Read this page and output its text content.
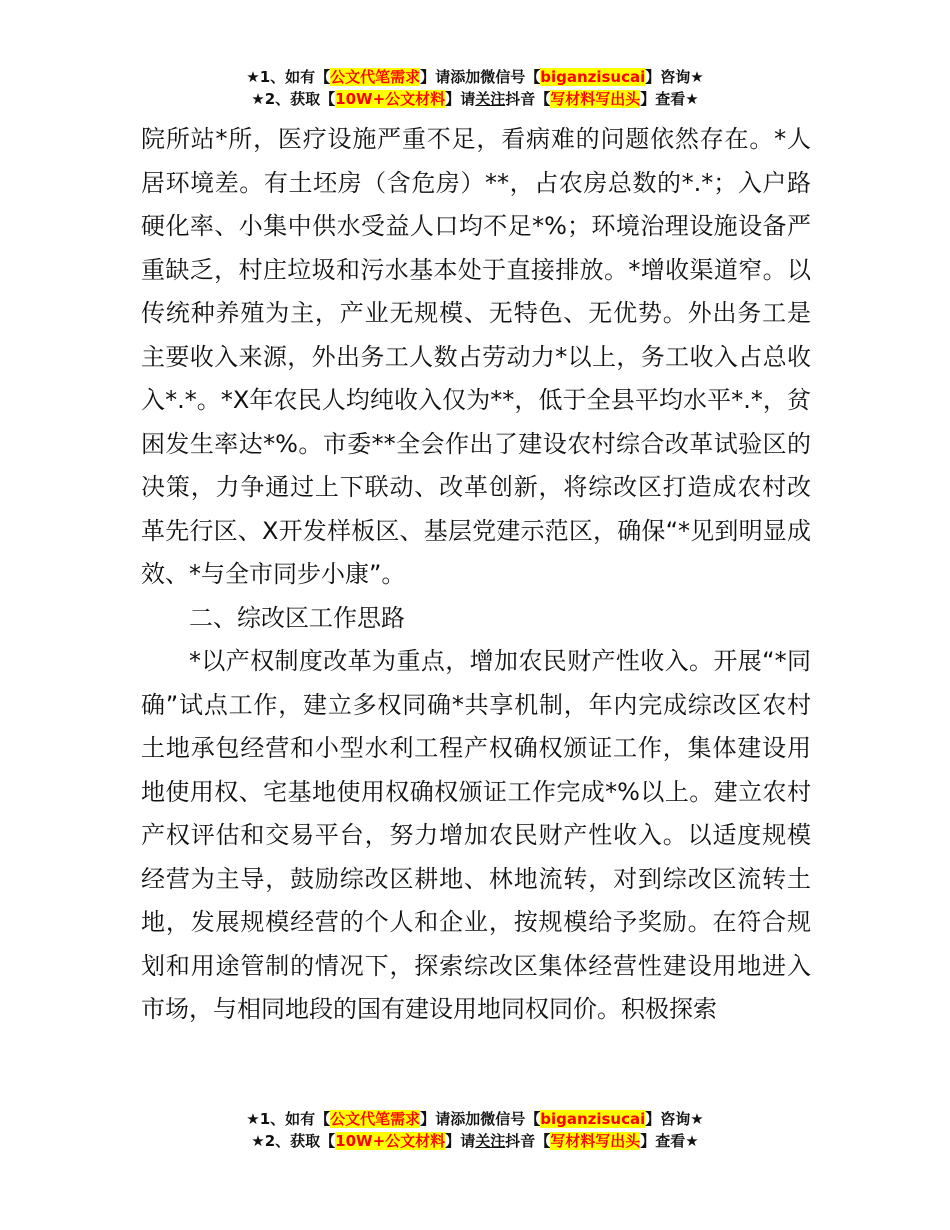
★1、如有【公文代笔需求】请添加微信号【biganzisucai】咨询★
★2、获取【10W+公文材料】请关注抖音【写材料写出头】查看★

院所站*所，医疗设施严重不足，看病难的问题依然存在。*人居环境差。有土坯房（含危房）**，占农房总数的*.*；入户路硬化率、小集中供水受益人口均不足*%；环境治理设施设备严重缺乏，村庄垃圾和污水基本处于直接排放。*增收渠道窄。以传统种养殖为主，产业无规模、无特色、无优势。外出务工是主要收入来源，外出务工人数占劳动力*以上，务工收入占总收入*.*。*X年农民人均纯收入仅为**，低于全县平均水平*.*，贫困发生率达*%。市委**全会作出了建设农村综合改革试验区的决策，力争通过上下联动、改革创新，将综改区打造成农村改革先行区、X开发样板区、基层党建示范区，确保“*见到明显成效、*与全市同步小康”。

二、综改区工作思路

*以产权制度改革为重点，增加农民财产性收入。开展“*同确”试点工作，建立多权同确*共享机制，年内完成综改区农村土地承包经营和小型水利工程产权确权颁证工作，集体建设用地使用权、宅基地使用权确权颁证工作完成*%以上。建立农村产权评估和交易平台，努力增加农民财产性收入。以适度规模经营为主导，鼓励综改区耕地、林地流转，对到综改区流转土地，发展规模经营的个人和企业，按规模给予奖励。在符合规划和用途管制的情况下，探索综改区集体经营性建设用地进入市场，与相同地段的国有建设用地同权同价。积极探索

★1、如有【公文代笔需求】请添加微信号【biganzisucai】咨询★
★2、获取【10W+公文材料】请关注抖音【写材料写出头】查看★
